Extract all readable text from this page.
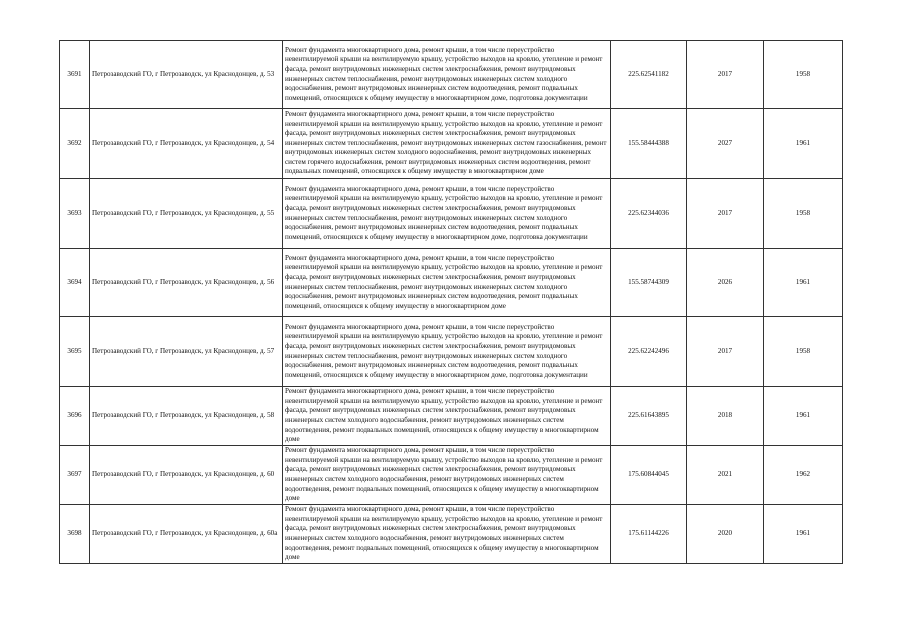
3691	Петрозаводский ГО, г Петрозаводск, ул Краснодонцев, д. 53	Ремонт фундамента многоквартирного дома, ремонт крыши, в том числе переустройство невентилируемой крыши на вентилируемую крышу, устройство выходов на кровлю, утепление и ремонт фасада, ремонт внутридомовых инженерных систем электроснабжения, ремонт внутридомовых инженерных систем теплоснабжения, ремонт внутридомовых инженерных систем холодного водоснабжения, ремонт внутридомовых инженерных систем водоотведения, ремонт подвальных помещений, относящихся к общему имуществу в многоквартирном доме, подготовка документации	225.62541182	2017	1958
3692	Петрозаводский ГО, г Петрозаводск, ул Краснодонцев, д. 54	Ремонт фундамента многоквартирного дома, ремонт крыши, в том числе переустройство невентилируемой крыши на вентилируемую крышу, устройство выходов на кровлю, утепление и ремонт фасада, ремонт внутридомовых инженерных систем электроснабжения, ремонт внутридомовых инженерных систем теплоснабжения, ремонт внутридомовых инженерных систем газоснабжения, ремонт внутридомовых инженерных систем холодного водоснабжения, ремонт внутридомовых инженерных систем горячего водоснабжения, ремонт внутридомовых инженерных систем водоотведения, ремонт подвальных помещений, относящихся к общему имуществу в многоквартирном доме	155.58444388	2027	1961
3693	Петрозаводский ГО, г Петрозаводск, ул Краснодонцев, д. 55	Ремонт фундамента многоквартирного дома, ремонт крыши, в том числе переустройство невентилируемой крыши на вентилируемую крышу, устройство выходов на кровлю, утепление и ремонт фасада, ремонт внутридомовых инженерных систем электроснабжения, ремонт внутридомовых инженерных систем теплоснабжения, ремонт внутридомовых инженерных систем холодного водоснабжения, ремонт внутридомовых инженерных систем водоотведения, ремонт подвальных помещений, относящихся к общему имуществу в многоквартирном доме, подготовка документации	225.62344036	2017	1958
3694	Петрозаводский ГО, г Петрозаводск, ул Краснодонцев, д. 56	Ремонт фундамента многоквартирного дома, ремонт крыши, в том числе переустройство невентилируемой крыши на вентилируемую крышу, устройство выходов на кровлю, утепление и ремонт фасада, ремонт внутридомовых инженерных систем электроснабжения, ремонт внутридомовых инженерных систем теплоснабжения, ремонт внутридомовых инженерных систем холодного водоснабжения, ремонт внутридомовых инженерных систем водоотведения, ремонт подвальных помещений, относящихся к общему имуществу в многоквартирном доме	155.58744309	2026	1961
3695	Петрозаводский ГО, г Петрозаводск, ул Краснодонцев, д. 57	Ремонт фундамента многоквартирного дома, ремонт крыши, в том числе переустройство невентилируемой крыши на вентилируемую крышу, устройство выходов на кровлю, утепление и ремонт фасада, ремонт внутридомовых инженерных систем электроснабжения, ремонт внутридомовых инженерных систем теплоснабжения, ремонт внутридомовых инженерных систем холодного водоснабжения, ремонт внутридомовых инженерных систем водоотведения, ремонт подвальных помещений, относящихся к общему имуществу в многоквартирном доме, подготовка документации	225.62242496	2017	1958
3696	Петрозаводский ГО, г Петрозаводск, ул Краснодонцев, д. 58	Ремонт фундамента многоквартирного дома, ремонт крыши, в том числе переустройство невентилируемой крыши на вентилируемую крышу, устройство выходов на кровлю, утепление и ремонт фасада, ремонт внутридомовых инженерных систем электроснабжения, ремонт внутридомовых инженерных систем холодного водоснабжения, ремонт внутридомовых инженерных систем водоотведения, ремонт подвальных помещений, относящихся к общему имуществу в многоквартирном доме	225.61643895	2018	1961
3697	Петрозаводский ГО, г Петрозаводск, ул Краснодонцев, д. 60	Ремонт фундамента многоквартирного дома, ремонт крыши, в том числе переустройство невентилируемой крыши на вентилируемую крышу, устройство выходов на кровлю, утепление и ремонт фасада, ремонт внутридомовых инженерных систем электроснабжения, ремонт внутридомовых инженерных систем холодного водоснабжения, ремонт внутридомовых инженерных систем водоотведения, ремонт подвальных помещений, относящихся к общему имуществу в многоквартирном доме	175.60844045	2021	1962
3698	Петрозаводский ГО, г Петрозаводск, ул Краснодонцев, д. 60а	Ремонт фундамента многоквартирного дома, ремонт крыши, в том числе переустройство невентилируемой крыши на вентилируемую крышу, устройство выходов на кровлю, утепление и ремонт фасада, ремонт внутридомовых инженерных систем электроснабжения, ремонт внутридомовых инженерных систем холодного водоснабжения, ремонт внутридомовых инженерных систем водоотведения, ремонт подвальных помещений, относящихся к общему имуществу в многоквартирном доме	175.61144226	2020	1961
